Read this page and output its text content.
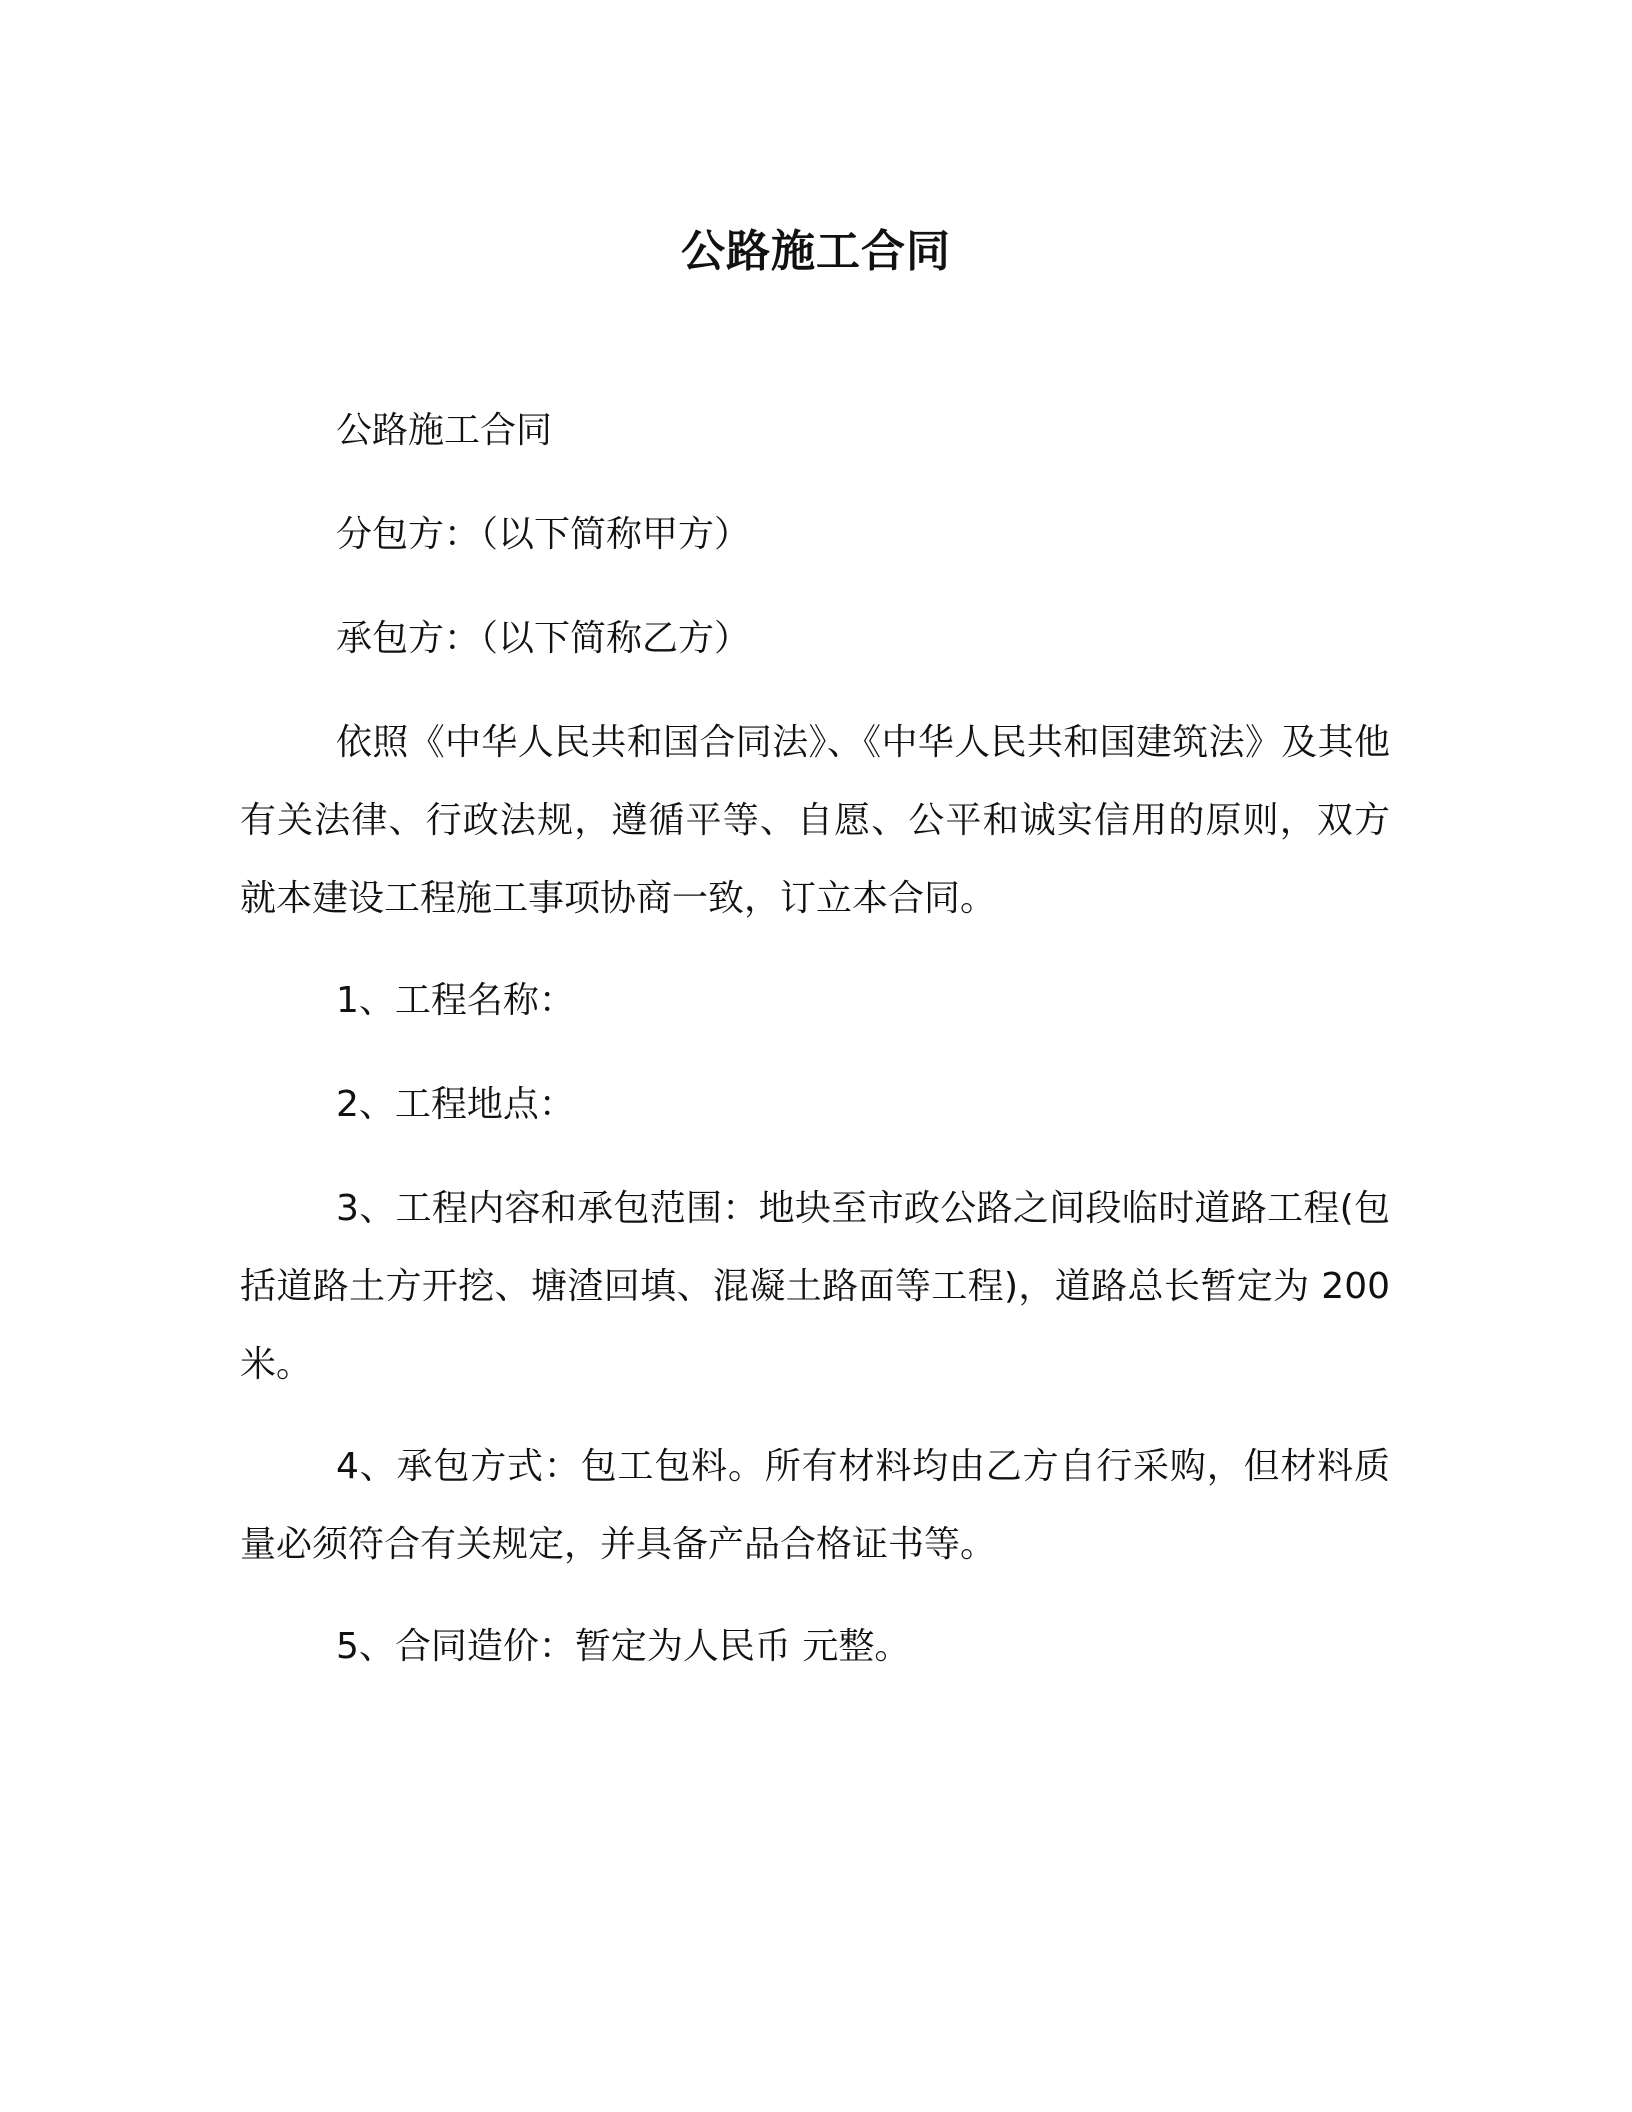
公路施工合同

公路施工合同

分包方：（以下简称甲方）

承包方：（以下简称乙方）

依照《中华人民共和国合同法》、《中华人民共和国建筑法》及其他有关法律、行政法规，遵循平等、自愿、公平和诚实信用的原则，双方就本建设工程施工事项协商一致，订立本合同。

1、工程名称：

2、工程地点：

3、工程内容和承包范围：地块至市政公路之间段临时道路工程(包括道路土方开挖、塘渣回填、混凝土路面等工程)，道路总长暂定为 200 米。

4、承包方式：包工包料。所有材料均由乙方自行采购，但材料质量必须符合有关规定，并具备产品合格证书等。

5、合同造价：暂定为人民币 元整。
